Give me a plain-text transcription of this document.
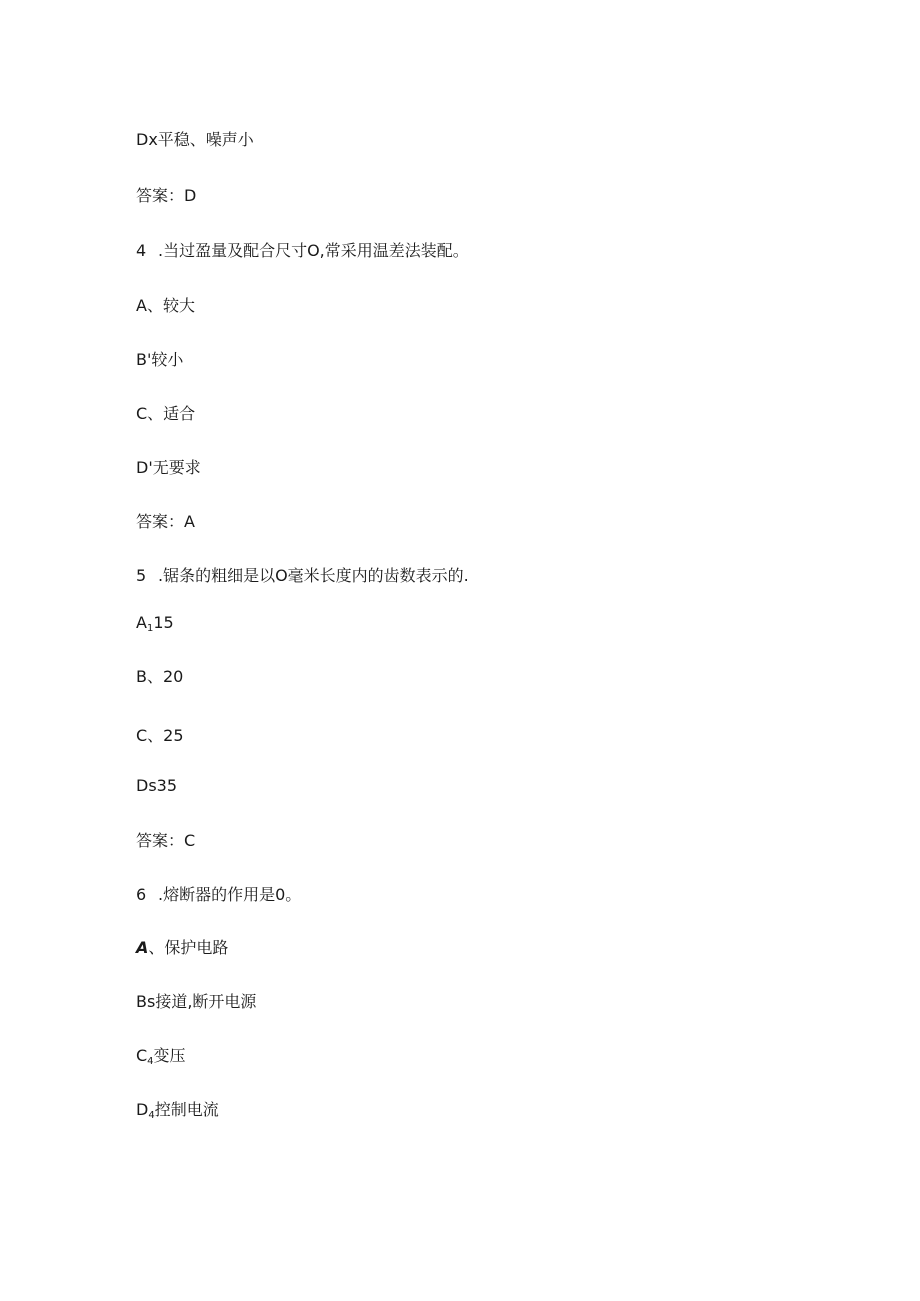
Dx平稳、噪声小
答案：D
4 .当过盈量及配合尺寸O,常采用温差法装配。
A、较大
B'较小
C、适合
D'无要求
答案：A
5 .锯条的粗细是以O毫米长度内的齿数表示的.
$A_115$
B、20
C、25
Ds35
答案：C
6 .熔断器的作用是0。
A、保护电路
Bs接道,断开电源
$C_4$变压
$D_4$控制电流
